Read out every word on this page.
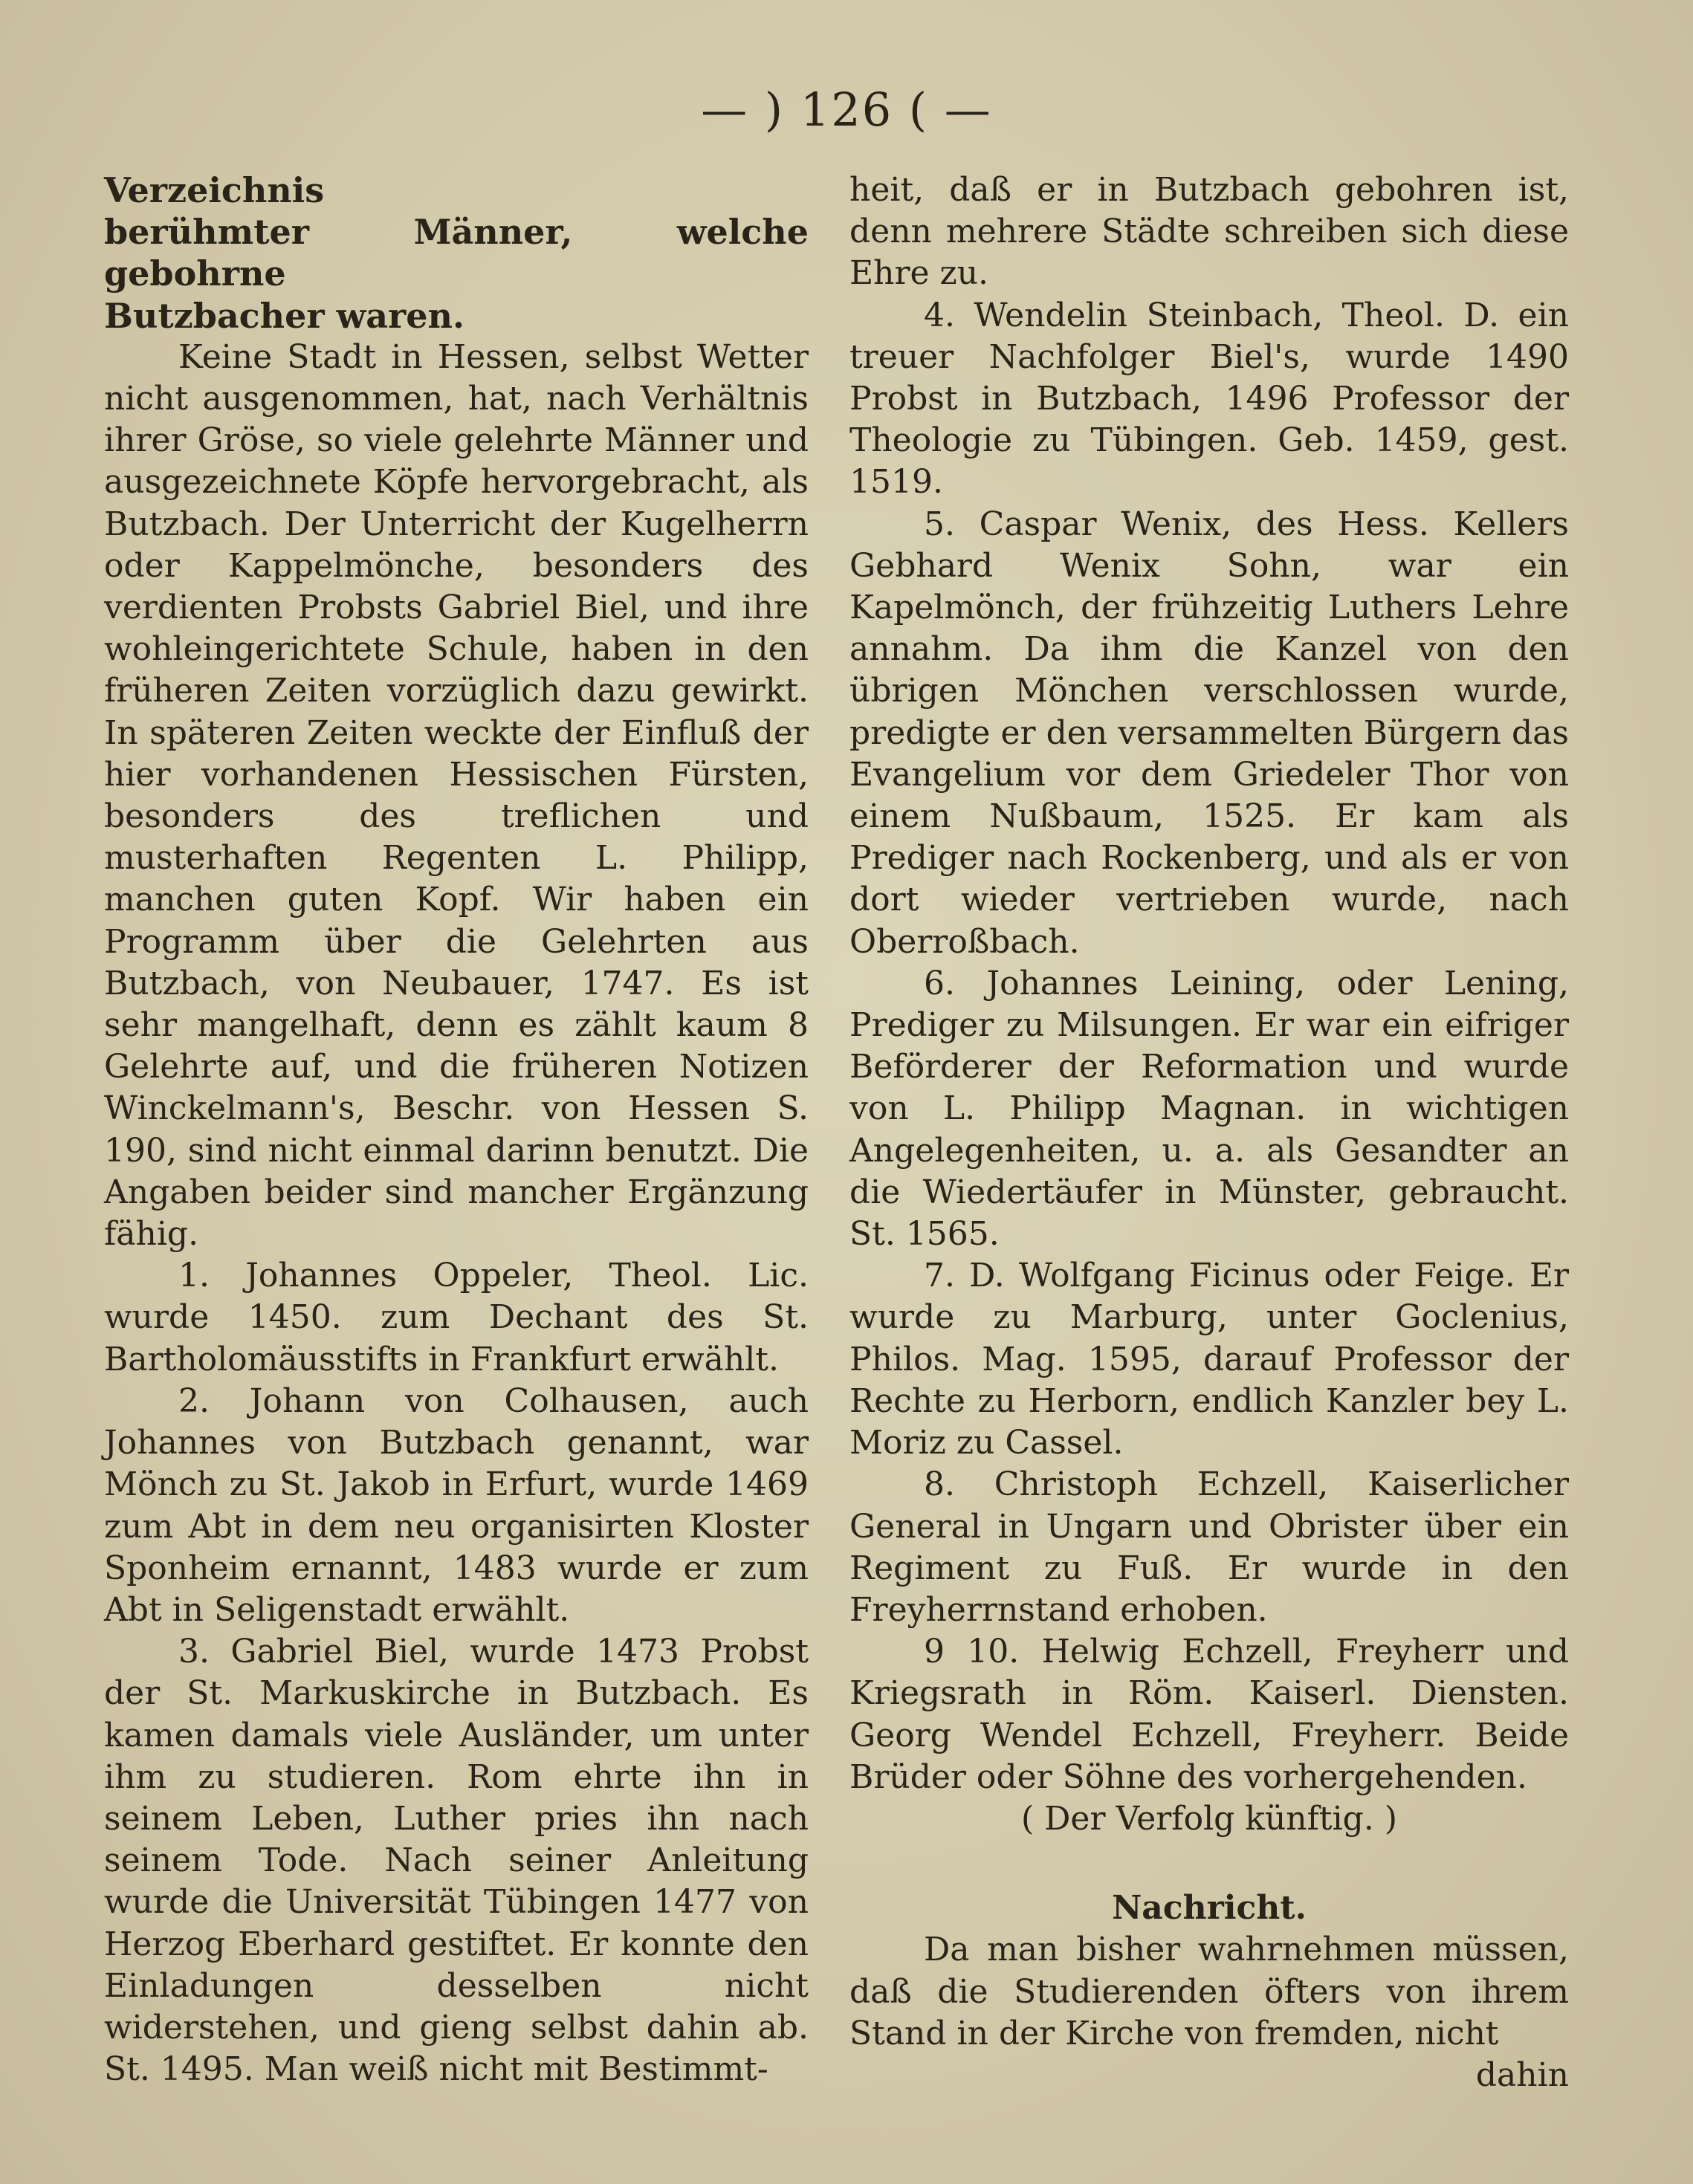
— ) 126 ( —

Verzeichnis

berühmter Männer, welche gebohrne

Butzbacher waren.

Keine Stadt in Hessen, selbst Wetter nicht ausgenommen, hat, nach Verhältnis ihrer Gröse, so viele gelehrte Männer und ausgezeichnete Köpfe hervorgebracht, als Butzbach. Der Unterricht der Kugelherrn oder Kappelmönche, besonders des verdienten Probsts Gabriel Biel, und ihre wohleingerichtete Schule, haben in den früheren Zeiten vorzüglich dazu gewirkt. In späteren Zeiten weckte der Einfluß der hier vorhandenen Hessischen Fürsten, besonders des treflichen und musterhaften Regenten L. Philipp, manchen guten Kopf. Wir haben ein Programm über die Gelehrten aus Butzbach, von Neubauer, 1747. Es ist sehr mangelhaft, denn es zählt kaum 8 Gelehrte auf, und die früheren Notizen Winckelmann's, Beschr. von Hessen S. 190, sind nicht einmal darinn benutzt. Die Angaben beider sind mancher Ergänzung fähig.

1. Johannes Oppeler, Theol. Lic. wurde 1450. zum Dechant des St. Bartholomäusstifts in Frankfurt erwählt.

2. Johann von Colhausen, auch Johannes von Butzbach genannt, war Mönch zu St. Jakob in Erfurt, wurde 1469 zum Abt in dem neu organisirten Kloster Sponheim ernannt, 1483 wurde er zum Abt in Seligenstadt erwählt.

3. Gabriel Biel, wurde 1473 Probst der St. Markuskirche in Butzbach. Es kamen damals viele Ausländer, um unter ihm zu studieren. Rom ehrte ihn in seinem Leben, Luther pries ihn nach seinem Tode. Nach seiner Anleitung wurde die Universität Tübingen 1477 von Herzog Eberhard gestiftet. Er konnte den Einladungen desselben nicht widerstehen, und gieng selbst dahin ab. St. 1495. Man weiß nicht mit Bestimmt-

heit, daß er in Butzbach gebohren ist, denn mehrere Städte schreiben sich diese Ehre zu.

4. Wendelin Steinbach, Theol. D. ein treuer Nachfolger Biel's, wurde 1490 Probst in Butzbach, 1496 Professor der Theologie zu Tübingen. Geb. 1459, gest. 1519.

5. Caspar Wenix, des Hess. Kellers Gebhard Wenix Sohn, war ein Kapelmönch, der frühzeitig Luthers Lehre annahm. Da ihm die Kanzel von den übrigen Mönchen verschlossen wurde, predigte er den versammelten Bürgern das Evangelium vor dem Griedeler Thor von einem Nußbaum, 1525. Er kam als Prediger nach Rockenberg, und als er von dort wieder vertrieben wurde, nach Oberroßbach.

6. Johannes Leining, oder Lening, Prediger zu Milsungen. Er war ein eifriger Beförderer der Reformation und wurde von L. Philipp Magnan. in wichtigen Angelegenheiten, u. a. als Gesandter an die Wiedertäufer in Münster, gebraucht. St. 1565.

7. D. Wolfgang Ficinus oder Feige. Er wurde zu Marburg, unter Goclenius, Philos. Mag. 1595, darauf Professor der Rechte zu Herborn, endlich Kanzler bey L. Moriz zu Cassel.

8. Christoph Echzell, Kaiserlicher General in Ungarn und Obrister über ein Regiment zu Fuß. Er wurde in den Freyherrnstand erhoben.

9 10. Helwig Echzell, Freyherr und Kriegsrath in Röm. Kaiserl. Diensten. Georg Wendel Echzell, Freyherr. Beide Brüder oder Söhne des vorhergehenden.

( Der Verfolg künftig. )

Nachricht.

Da man bisher wahrnehmen müssen, daß die Studierenden öfters von ihrem Stand in der Kirche von fremden, nicht

dahin
